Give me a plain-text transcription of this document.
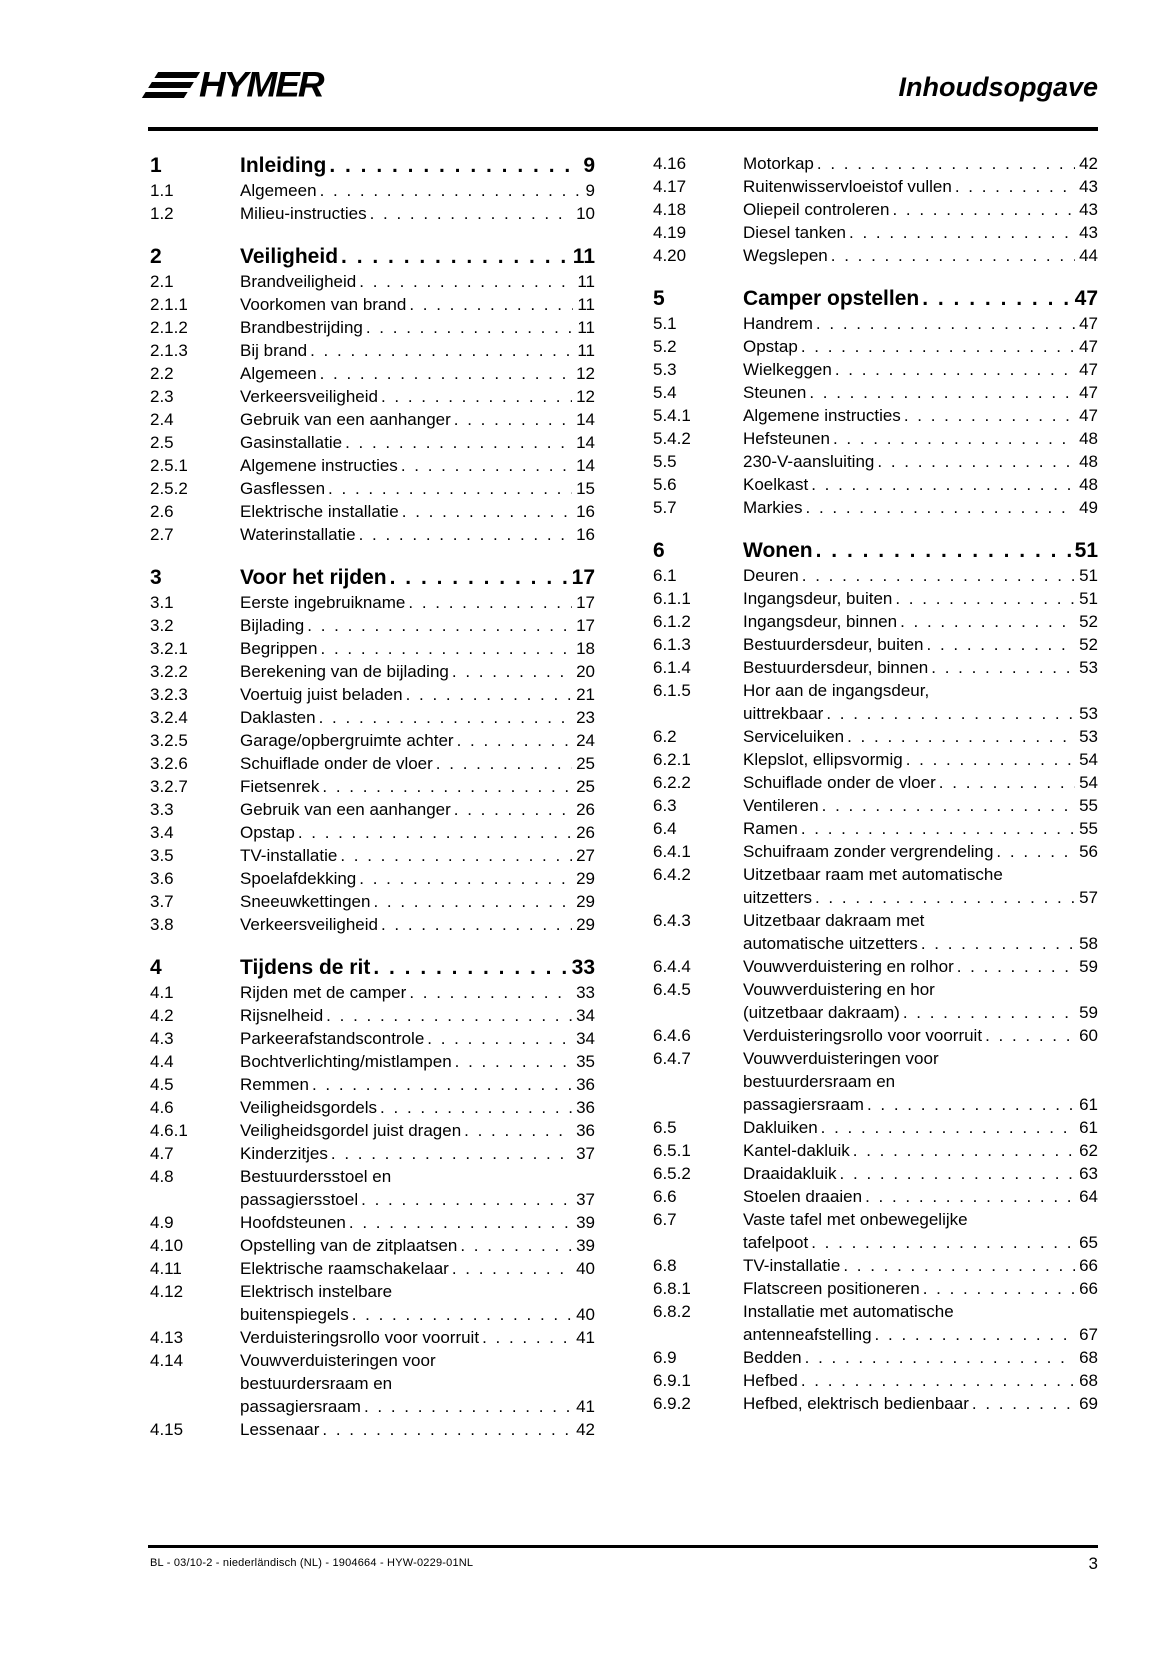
HYMER	Inhoudsopgave
1	Inleiding . . .	9
1.1	Algemeen . . .	9
1.2	Milieu-instructies . . .	10
2	Veiligheid . . .	11
2.1	Brandveiligheid . . .	11
2.1.1	Voorkomen van brand . . .	11
2.1.2	Brandbestrijding . . .	11
2.1.3	Bij brand . . .	11
2.2	Algemeen . . .	12
2.3	Verkeersveiligheid . . .	12
2.4	Gebruik van een aanhanger . . .	14
2.5	Gasinstallatie . . .	14
2.5.1	Algemene instructies . . .	14
2.5.2	Gasflessen . . .	15
2.6	Elektrische installatie . . .	16
2.7	Waterinstallatie . . .	16
3	Voor het rijden . . .	17
3.1	Eerste ingebruikname . . .	17
3.2	Bijlading . . .	17
3.2.1	Begrippen . . .	18
3.2.2	Berekening van de bijlading . . .	20
3.2.3	Voertuig juist beladen . . .	21
3.2.4	Daklasten . . .	23
3.2.5	Garage/opbergruimte achter . . .	24
3.2.6	Schuiflade onder de vloer . . .	25
3.2.7	Fietsenrek . . .	25
3.3	Gebruik van een aanhanger . . .	26
3.4	Opstap . . .	26
3.5	TV-installatie . . .	27
3.6	Spoelafdekking . . .	29
3.7	Sneeuwkettingen . . .	29
3.8	Verkeersveiligheid . . .	29
4	Tijdens de rit . . .	33
4.1	Rijden met de camper . . .	33
4.2	Rijsnelheid . . .	34
4.3	Parkeerafstandscontrole . . .	34
4.4	Bochtverlichting/mistlampen . . .	35
4.5	Remmen . . .	36
4.6	Veiligheidsgordels . . .	36
4.6.1	Veiligheidsgordel juist dragen . . .	36
4.7	Kinderzitjes . . .	37
4.8	Bestuurdersstoel en
passagiersstoel . . .	37
4.9	Hoofdsteunen . . .	39
4.10	Opstelling van de zitplaatsen . . .	39
4.11	Elektrische raamschakelaar . . .	40
4.12	Elektrisch instelbare
buitenspiegels . . .	40
4.13	Verduisteringsrollo voor voorruit . . .	41
4.14	Vouwverduisteringen voor
bestuurdersraam en
passagiersraam . . .	41
4.15	Lessenaar . . .	42
4.16	Motorkap . . .	42
4.17	Ruitenwisservloeistof vullen . . .	43
4.18	Oliepeil controleren . . .	43
4.19	Diesel tanken . . .	43
4.20	Wegslepen . . .	44
5	Camper opstellen . . .	47
5.1	Handrem . . .	47
5.2	Opstap . . .	47
5.3	Wielkeggen . . .	47
5.4	Steunen . . .	47
5.4.1	Algemene instructies . . .	47
5.4.2	Hefsteunen . . .	48
5.5	230-V-aansluiting . . .	48
5.6	Koelkast . . .	48
5.7	Markies . . .	49
6	Wonen . . .	51
6.1	Deuren . . .	51
6.1.1	Ingangsdeur, buiten . . .	51
6.1.2	Ingangsdeur, binnen . . .	52
6.1.3	Bestuurdersdeur, buiten . . .	52
6.1.4	Bestuurdersdeur, binnen . . .	53
6.1.5	Hor aan de ingangsdeur,
uittrekbaar . . .	53
6.2	Serviceluiken . . .	53
6.2.1	Klepslot, ellipsvormig . . .	54
6.2.2	Schuiflade onder de vloer . . .	54
6.3	Ventileren . . .	55
6.4	Ramen . . .	55
6.4.1	Schuifraam zonder vergrendeling . . .	56
6.4.2	Uitzetbaar raam met automatische
uitzetters . . .	57
6.4.3	Uitzetbaar dakraam met
automatische uitzetters . . .	58
6.4.4	Vouwverduistering en rolhor . . .	59
6.4.5	Vouwverduistering en hor
(uitzetbaar dakraam) . . .	59
6.4.6	Verduisteringsrollo voor voorruit . . .	60
6.4.7	Vouwverduisteringen voor
bestuurdersraam en
passagiersraam . . .	61
6.5	Dakluiken . . .	61
6.5.1	Kantel-dakluik . . .	62
6.5.2	Draaidakluik . . .	63
6.6	Stoelen draaien . . .	64
6.7	Vaste tafel met onbewegelijke
tafelpoot . . .	65
6.8	TV-installatie . . .	66
6.8.1	Flatscreen positioneren . . .	66
6.8.2	Installatie met automatische
antenneafstelling . . .	67
6.9	Bedden . . .	68
6.9.1	Hefbed . . .	68
6.9.2	Hefbed, elektrisch bedienbaar . . .	69
BL - 03/10-2 - niederländisch (NL) - 1904664 - HYW-0229-01NL	3
